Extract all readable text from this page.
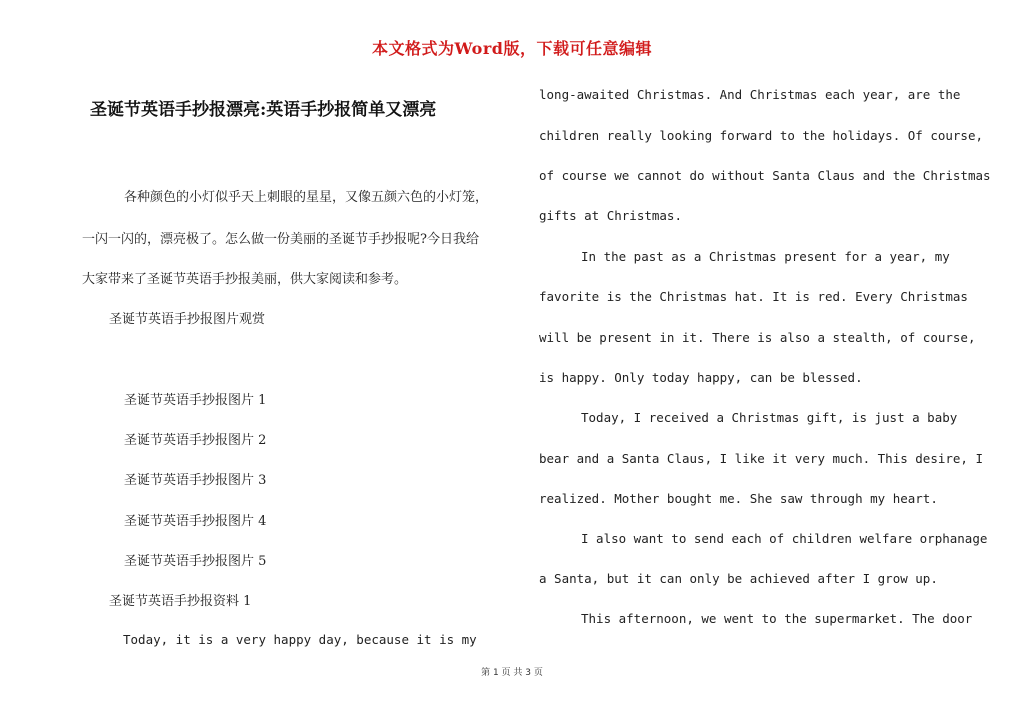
本文格式为Word版，下载可任意编辑
圣诞节英语手抄报漂亮:英语手抄报简单又漂亮
各种颜色的小灯似乎天上刺眼的星星，又像五颜六色的小灯笼，
一闪一闪的，漂亮极了。怎么做一份美丽的圣诞节手抄报呢?今日我给
大家带来了圣诞节英语手抄报美丽，供大家阅读和参考。
圣诞节英语手抄报图片观赏
圣诞节英语手抄报图片 1
圣诞节英语手抄报图片 2
圣诞节英语手抄报图片 3
圣诞节英语手抄报图片 4
圣诞节英语手抄报图片 5
圣诞节英语手抄报资料 1
Today, it is a very happy day, because it is my
long-awaited Christmas. And Christmas each year, are the
children really looking forward to the holidays. Of course,
of course we cannot do without Santa Claus and the Christmas
gifts at Christmas.
In the past as a Christmas present for a year, my
favorite is the Christmas hat. It is red. Every Christmas
will be present in it. There is also a stealth, of course,
is happy. Only today happy, can be blessed.
Today, I received a Christmas gift, is just a baby
bear and a Santa Claus, I like it very much. This desire, I
realized. Mother bought me. She saw through my heart.
I also want to send each of children welfare orphanage
a Santa, but it can only be achieved after I grow up.
This afternoon, we went to the supermarket. The door
第 1 页 共 3 页
